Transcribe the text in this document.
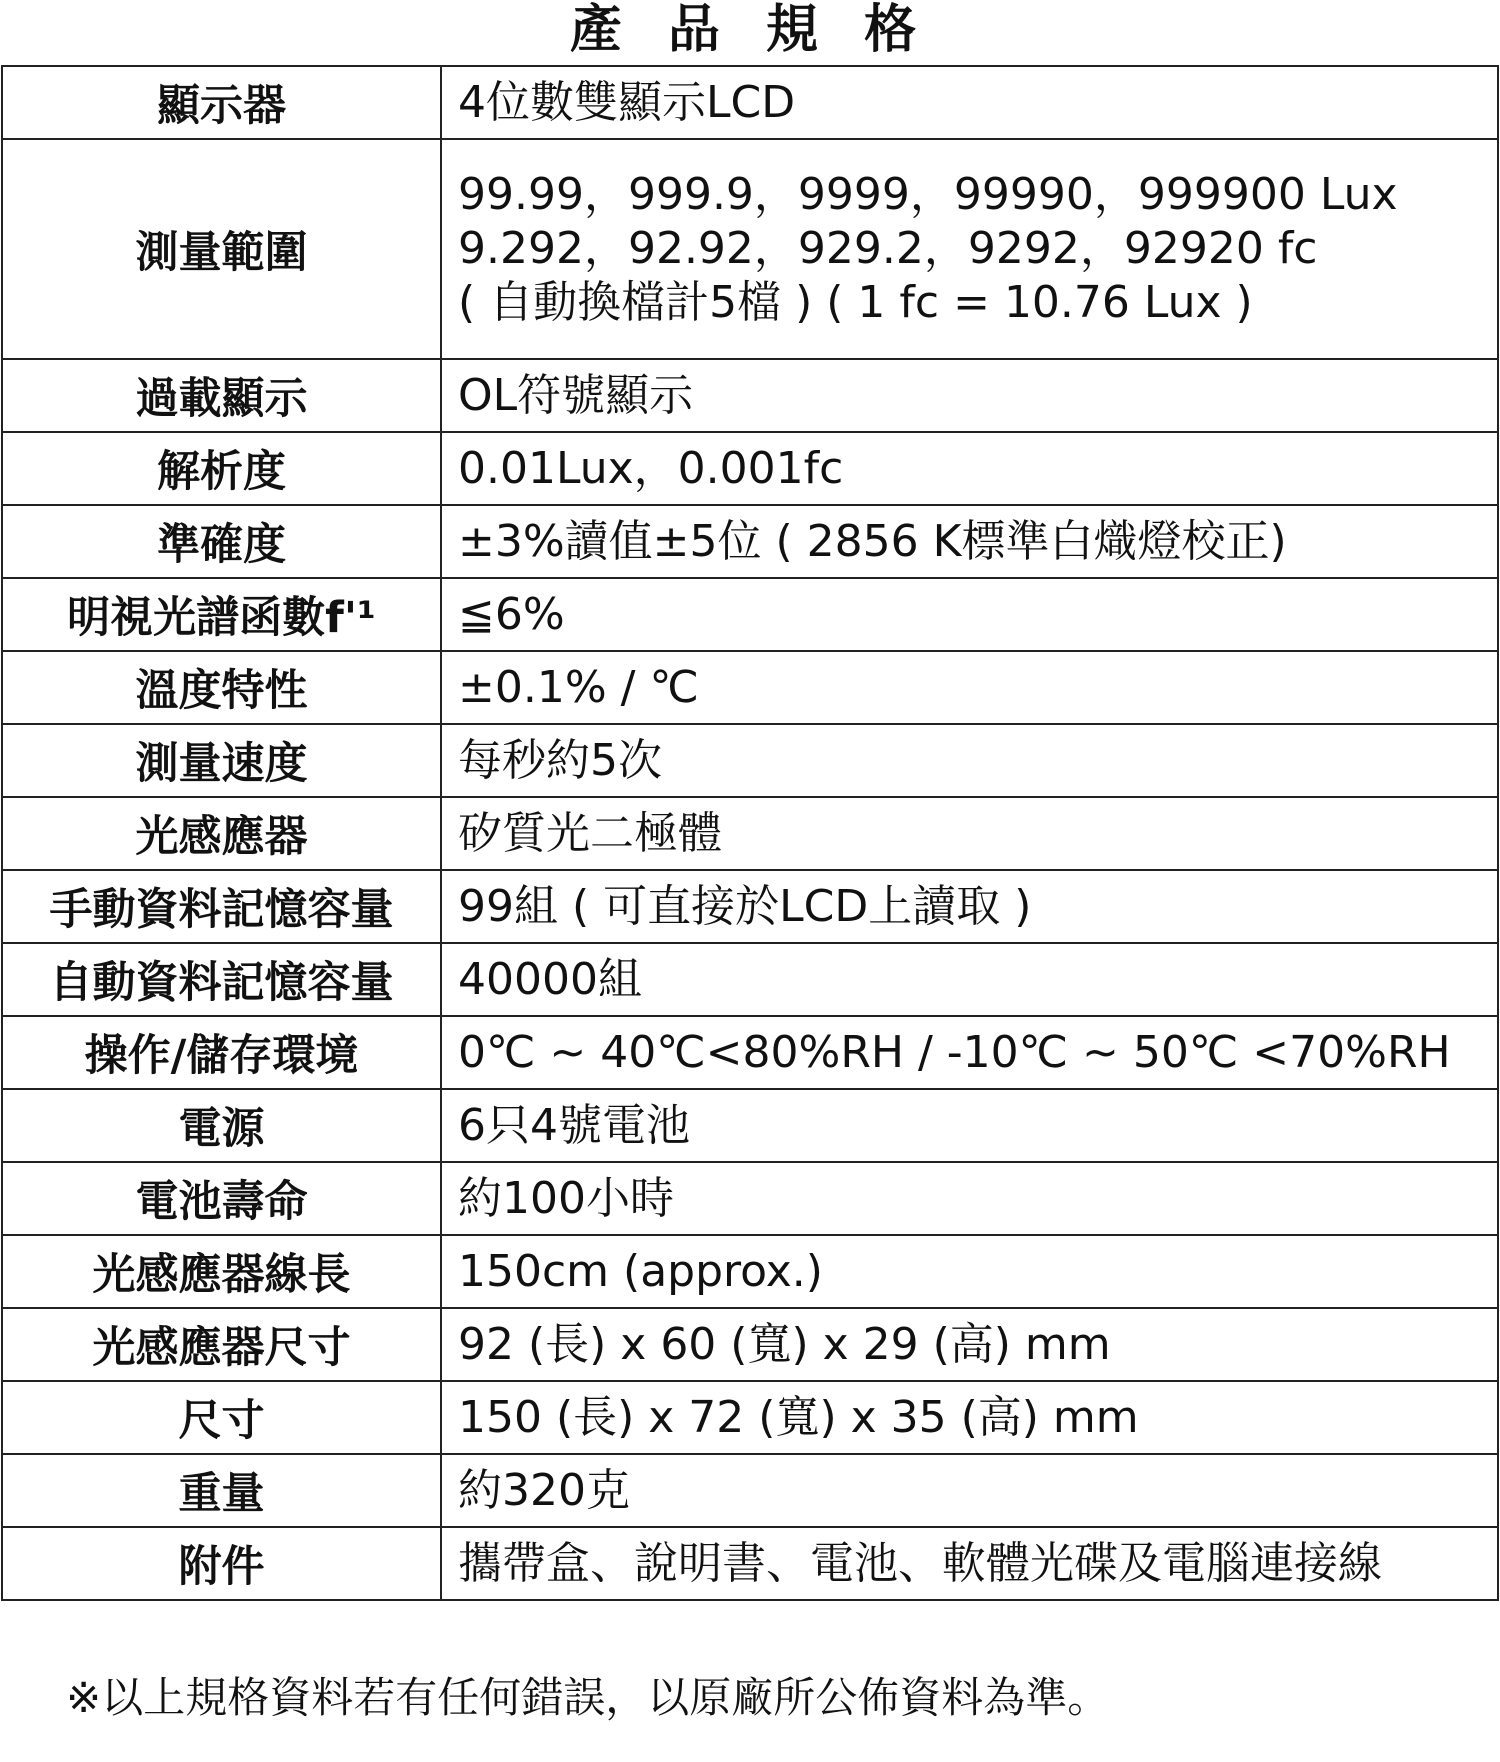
產 品 規 格
顯示器	4位數雙顯示LCD

測量範圍	99.99，999.9，9999，99990，999900 Lux
9.292，92.92，929.2，9292，92920 fc
( 自動換檔計5檔 ) ( 1 fc = 10.76 Lux )

過載顯示	OL符號顯示

解析度	0.01Lux，0.001fc

準確度	±3%讀值±5位 ( 2856 K標準白熾燈校正)

明視光譜函數f'¹	≦6%

溫度特性	±0.1% / ℃

測量速度	每秒約5次

光感應器	矽質光二極體

手動資料記憶容量	99組 ( 可直接於LCD上讀取 )

自動資料記憶容量	40000組

操作/儲存環境	0℃ ~ 40℃<80%RH / -10℃ ~ 50℃ <70%RH

電源	6只4號電池

電池壽命	約100小時

光感應器線長	150cm (approx.)

光感應器尺寸	92 (長) x 60 (寬) x 29 (高) mm

尺寸	150 (長) x 72 (寬) x 35 (高) mm

重量	約320克

附件	攜帶盒、說明書、電池、軟體光碟及電腦連接線
※以上規格資料若有任何錯誤，以原廠所公佈資料為準。
